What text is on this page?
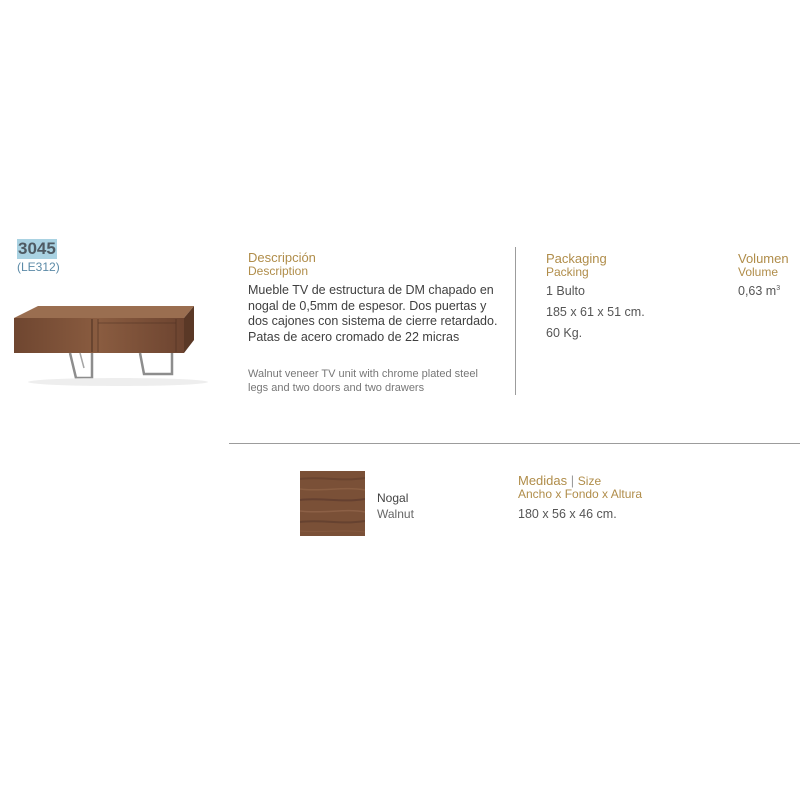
3045
(LE312)
Descripción
Description
Mueble TV de estructura de DM chapado en nogal de 0,5mm de espesor. Dos puertas y dos cajones con sistema de cierre retardado. Patas de acero cromado de 22 micras
Walnut veneer TV unit with chrome plated steel legs and two doors and two drawers
Packaging
Packing
1 Bulto
185 x 61 x 51 cm.
60 Kg.
Volumen
Volume
0,63 $m^3$
Nogal
Walnut
Medidas | Size
Ancho x Fondo x Altura
180 x 56 x 46 cm.
